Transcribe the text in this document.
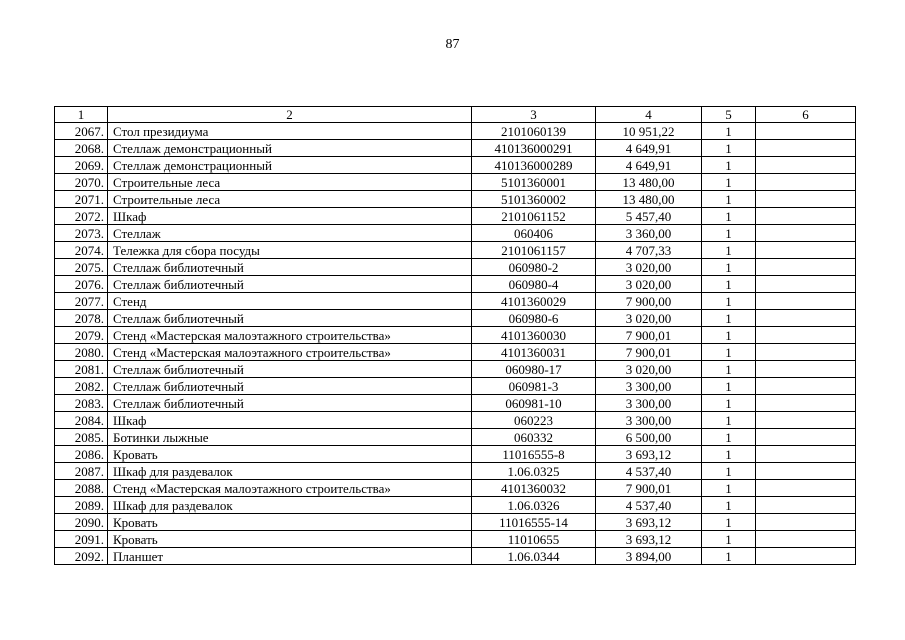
87
1	2	3	4	5	6
2067.	Стол президиума	2101060139	10 951,22	1	
2068.	Стеллаж демонстрационный	410136000291	4 649,91	1	
2069.	Стеллаж демонстрационный	410136000289	4 649,91	1	
2070.	Строительные леса	5101360001	13 480,00	1	
2071.	Строительные леса	5101360002	13 480,00	1	
2072.	Шкаф	2101061152	5 457,40	1	
2073.	Стеллаж	060406	3 360,00	1	
2074.	Тележка для сбора посуды	2101061157	4 707,33	1	
2075.	Стеллаж библиотечный	060980-2	3 020,00	1	
2076.	Стеллаж библиотечный	060980-4	3 020,00	1	
2077.	Стенд	4101360029	7 900,00	1	
2078.	Стеллаж библиотечный	060980-6	3 020,00	1	
2079.	Стенд «Мастерская малоэтажного строительства»	4101360030	7 900,01	1	
2080.	Стенд «Мастерская малоэтажного строительства»	4101360031	7 900,01	1	
2081.	Стеллаж библиотечный	060980-17	3 020,00	1	
2082.	Стеллаж библиотечный	060981-3	3 300,00	1	
2083.	Стеллаж библиотечный	060981-10	3 300,00	1	
2084.	Шкаф	060223	3 300,00	1	
2085.	Ботинки лыжные	060332	6 500,00	1	
2086.	Кровать	11016555-8	3 693,12	1	
2087.	Шкаф для раздевалок	1.06.0325	4 537,40	1	
2088.	Стенд «Мастерская малоэтажного строительства»	4101360032	7 900,01	1	
2089.	Шкаф для раздевалок	1.06.0326	4 537,40	1	
2090.	Кровать	11016555-14	3 693,12	1	
2091.	Кровать	11010655	3 693,12	1	
2092.	Планшет	1.06.0344	3 894,00	1	
